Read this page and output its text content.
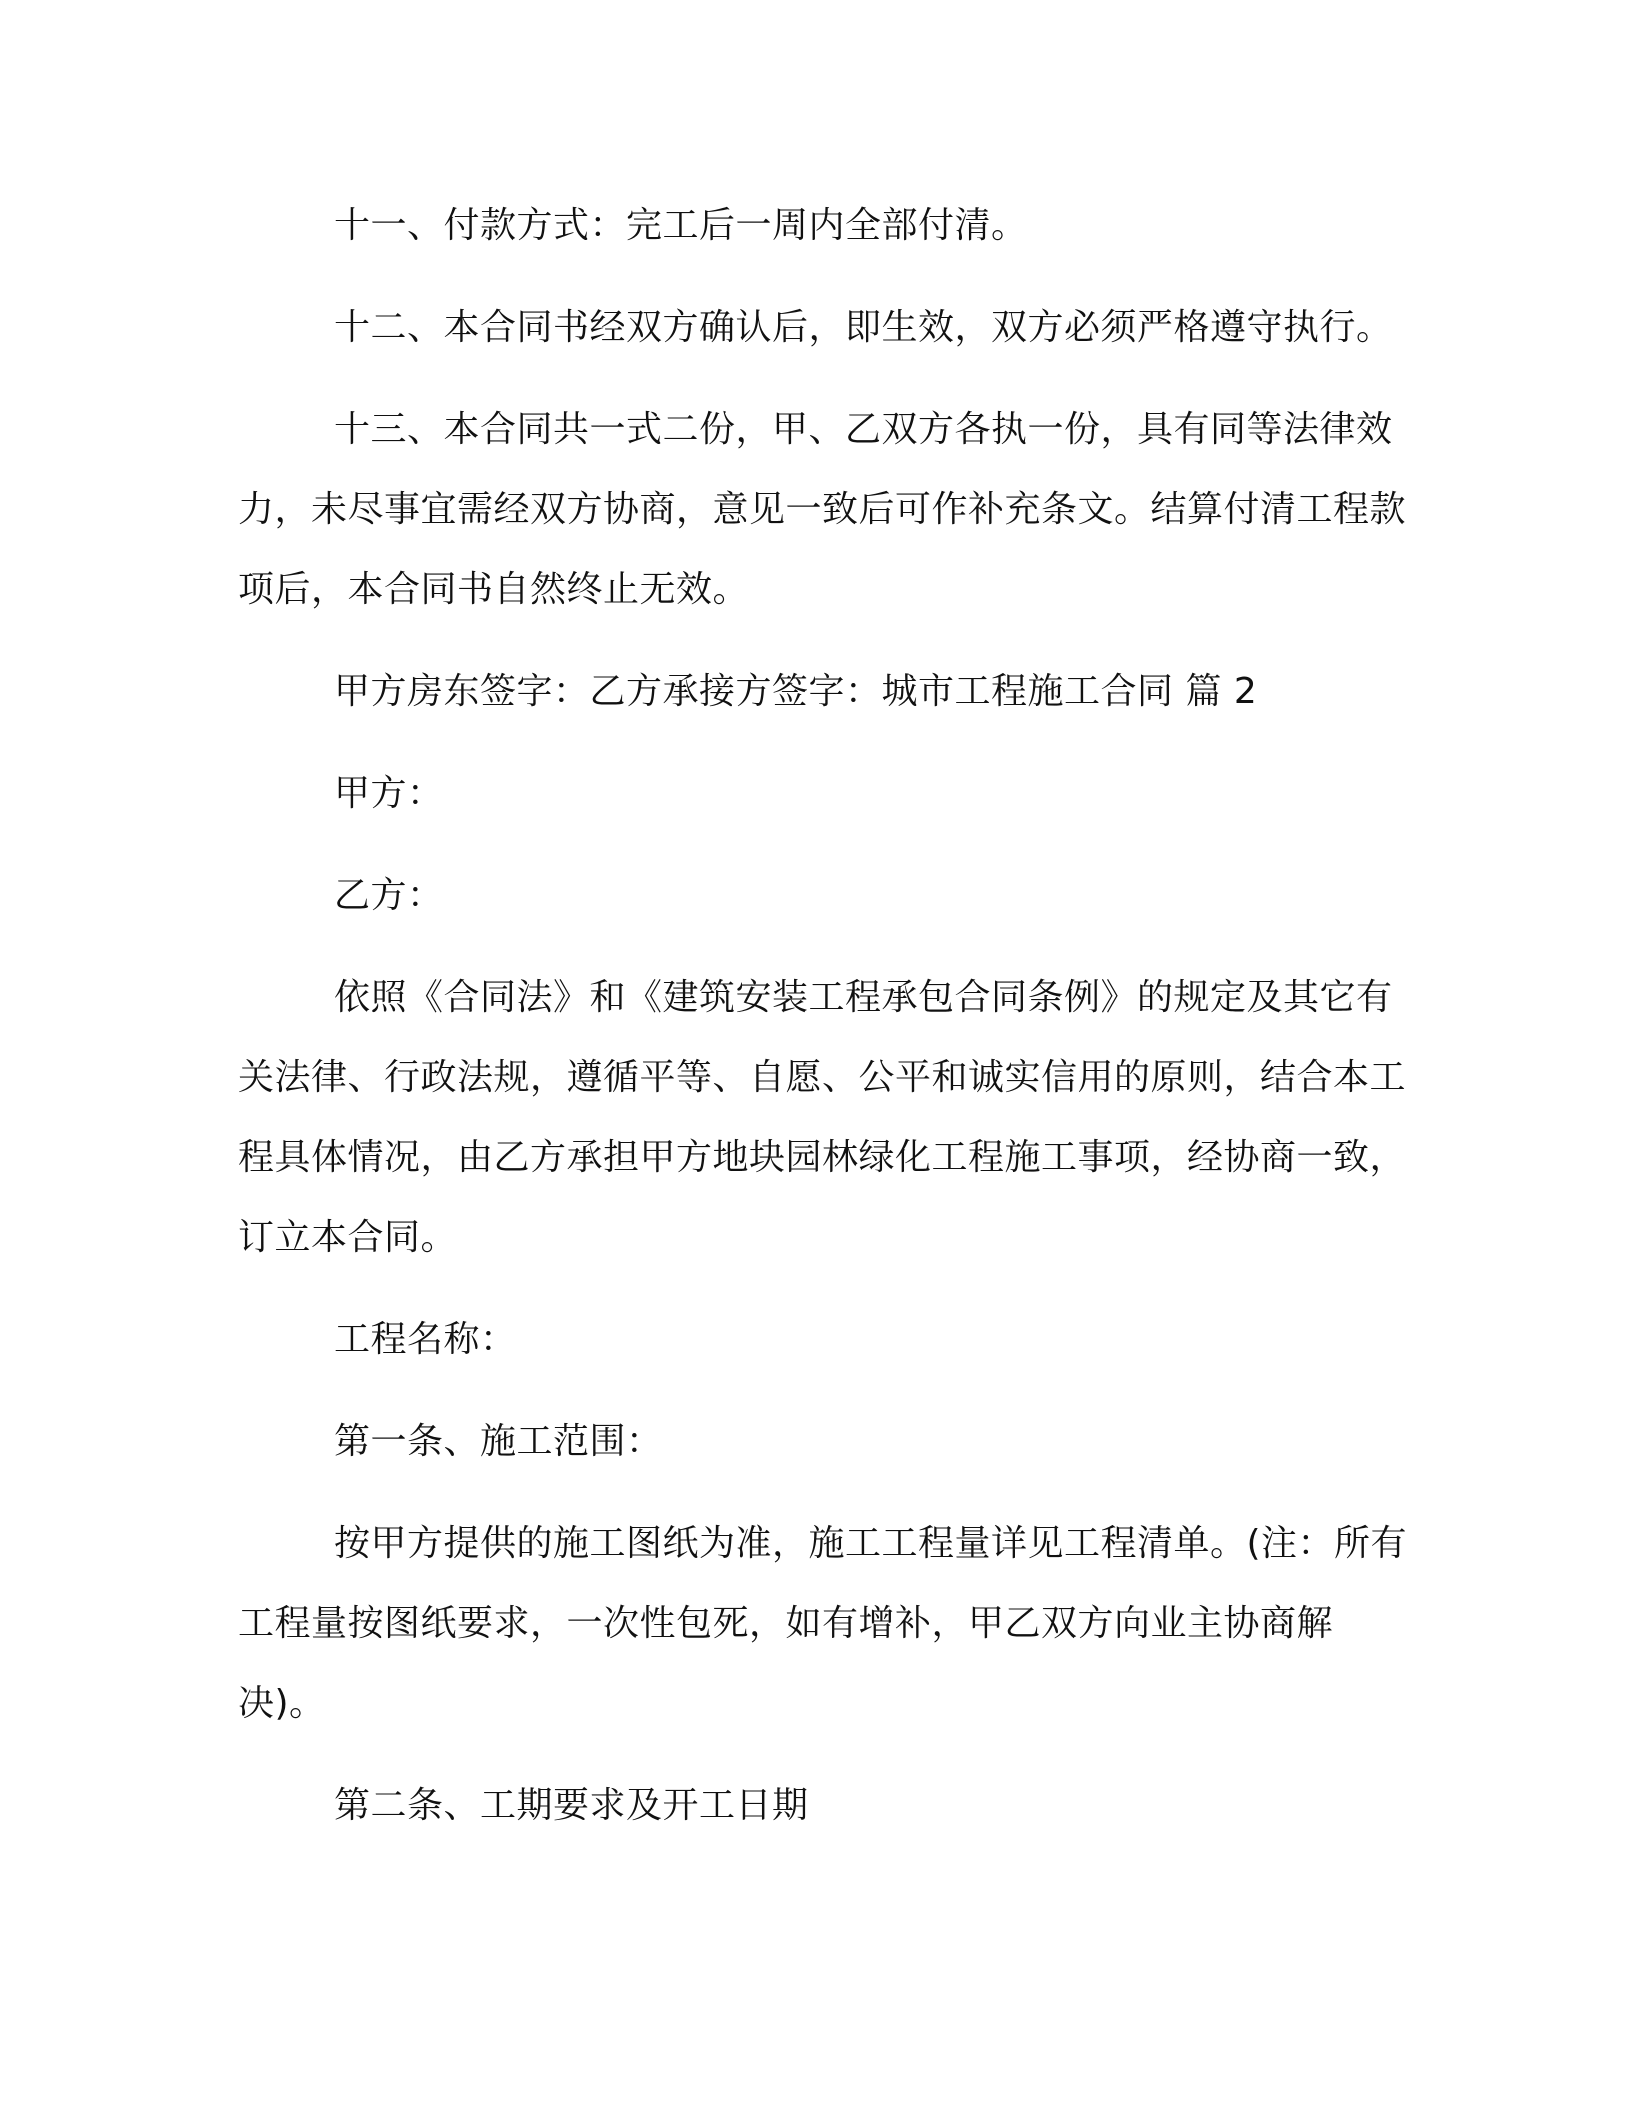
十一、付款方式：完工后一周内全部付清。

十二、本合同书经双方确认后，即生效，双方必须严格遵守执行。

十三、本合同共一式二份，甲、乙双方各执一份，具有同等法律效力，未尽事宜需经双方协商，意见一致后可作补充条文。结算付清工程款项后，本合同书自然终止无效。

甲方房东签字：乙方承接方签字：城市工程施工合同 篇 2

甲方：

乙方：

依照《合同法》和《建筑安装工程承包合同条例》的规定及其它有关法律、行政法规，遵循平等、自愿、公平和诚实信用的原则，结合本工程具体情况，由乙方承担甲方地块园林绿化工程施工事项，经协商一致，订立本合同。

工程名称：

第一条、施工范围：

按甲方提供的施工图纸为准，施工工程量详见工程清单。(注：所有工程量按图纸要求，一次性包死，如有增补，甲乙双方向业主协商解决)。

第二条、工期要求及开工日期
